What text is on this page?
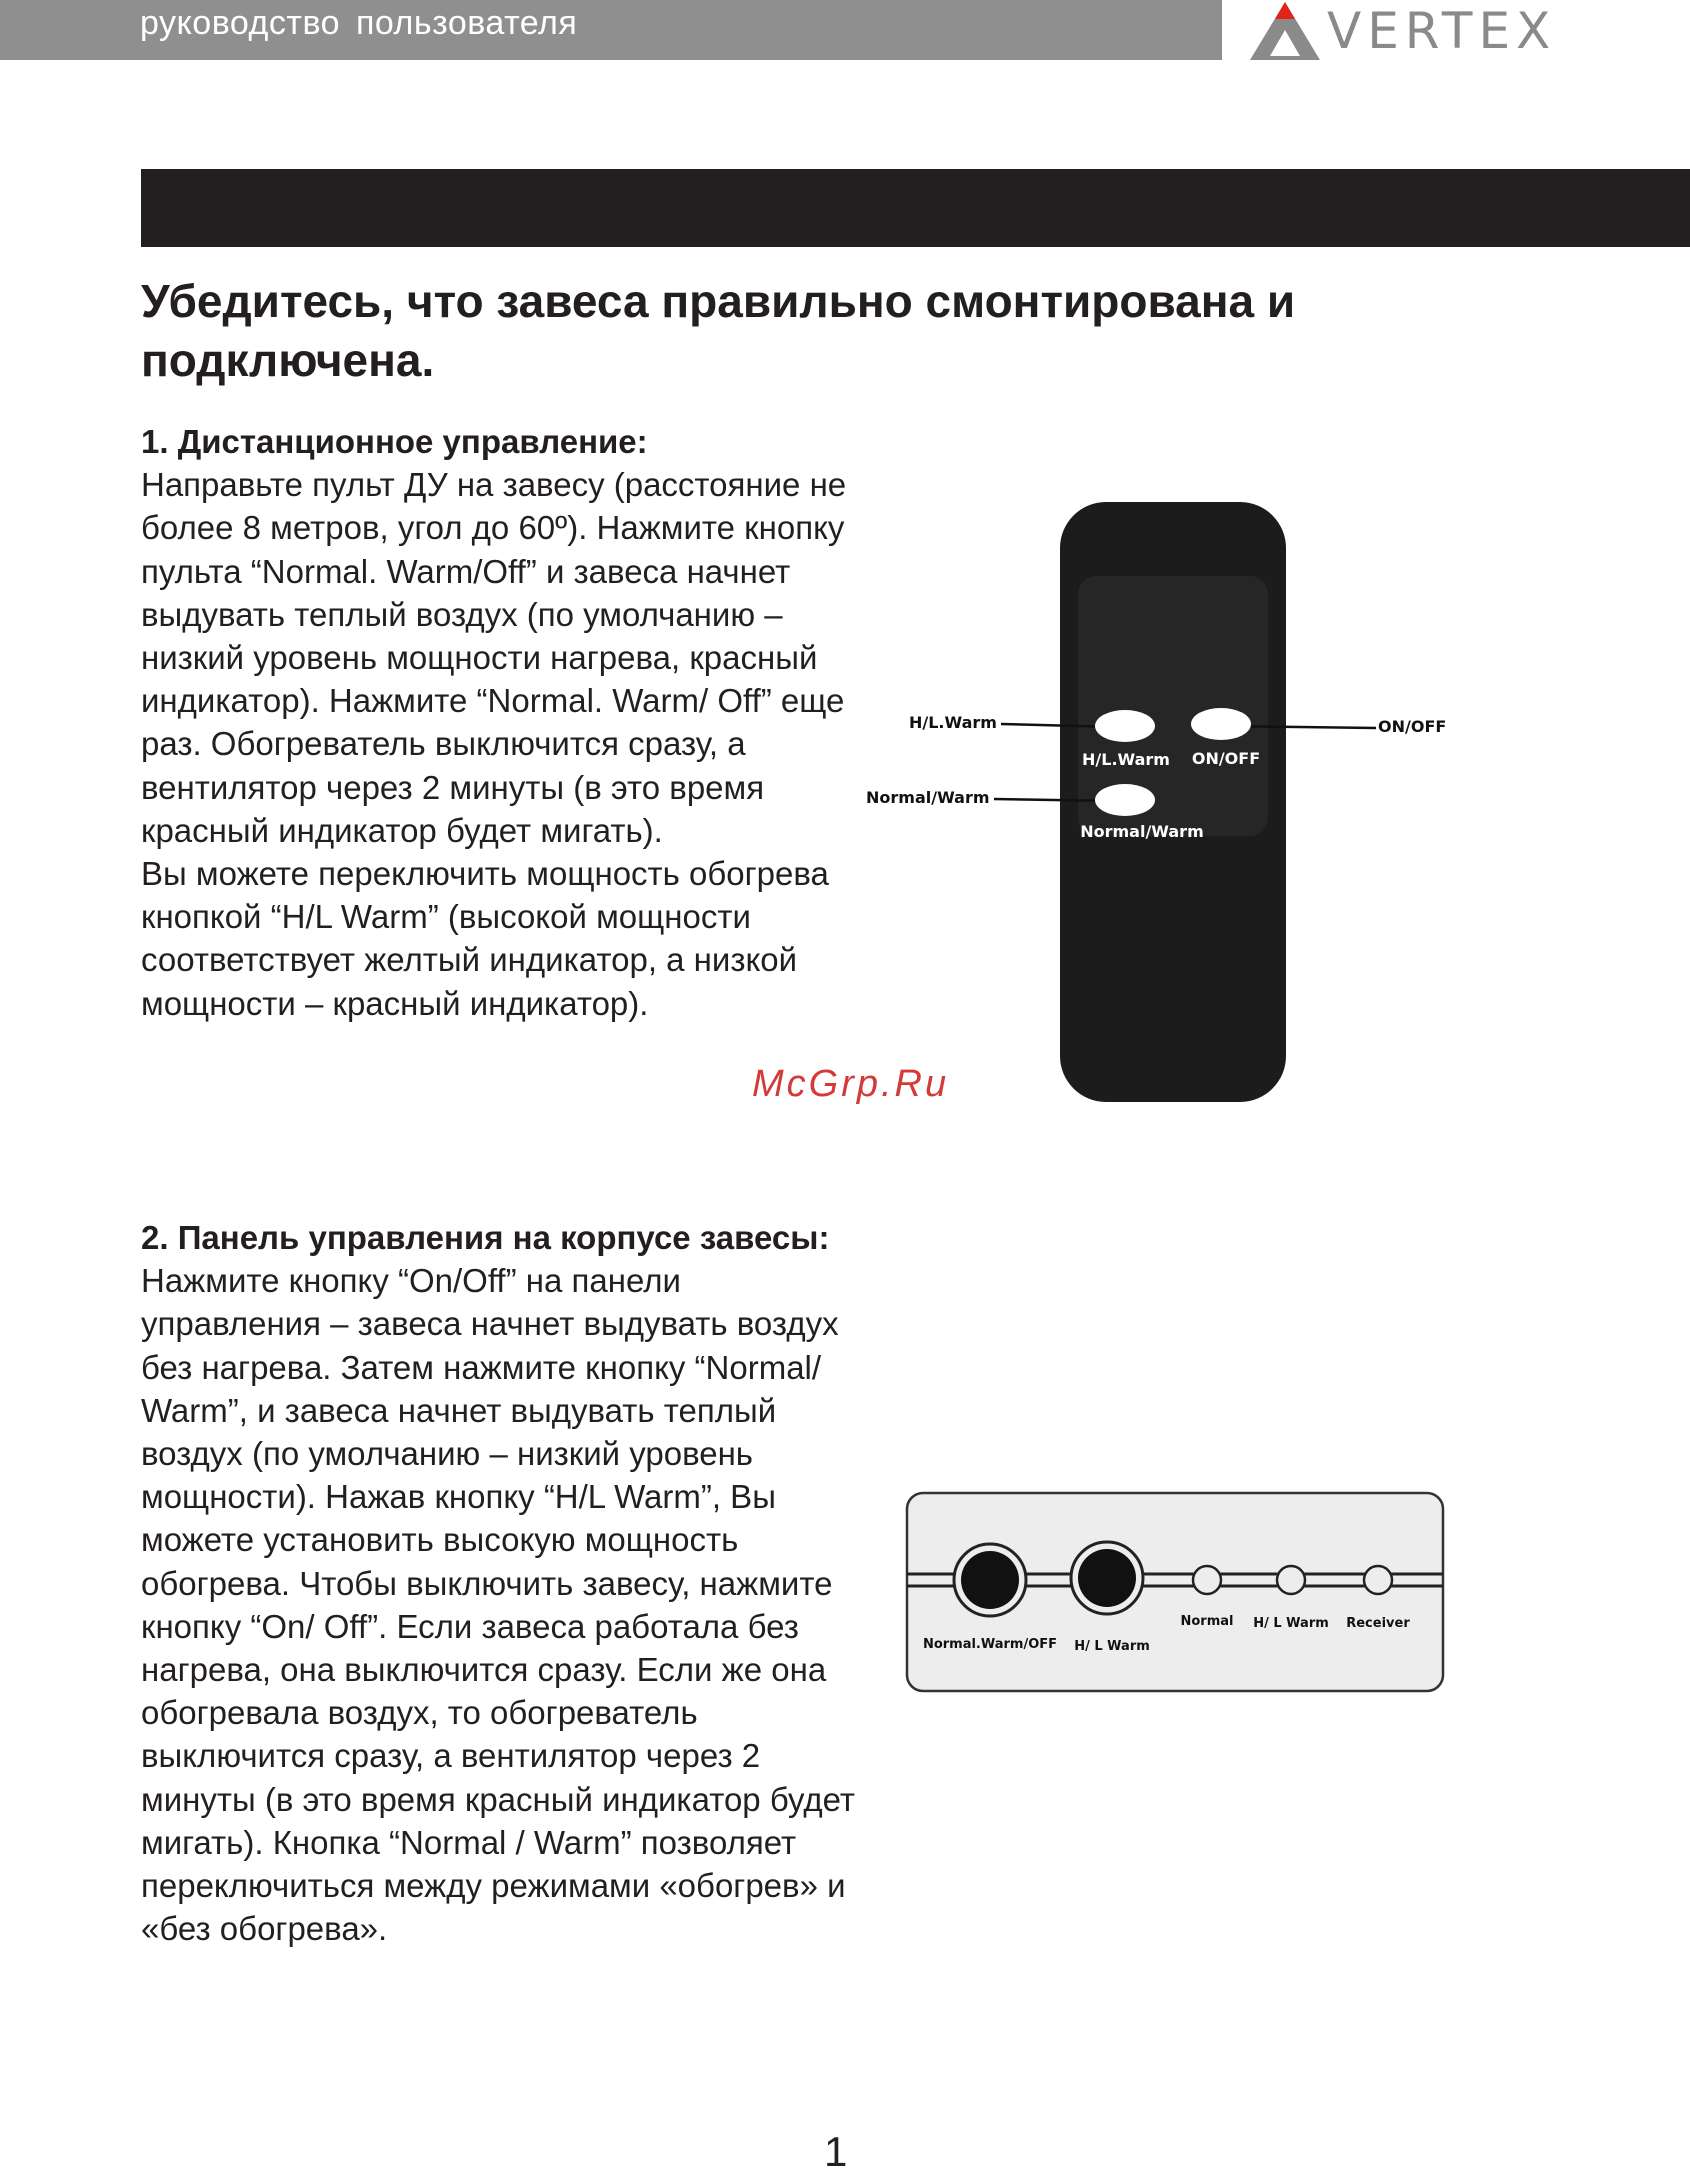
руководство пользователя	VERTEX
Убедитесь, что завеса правильно смонтирована и подключена.
1. Дистанционное управление:

Направьте пульт ДУ на завесу (расстояние не более 8 метров, угол до 60º). Нажмите кнопку пульта “Normal. Warm/Off” и завеса начнет выдувать теплый воздух (по умолчанию – низкий уровень мощности нагрева, красный индикатор). Нажмите “Normal. Warm/ Off” еще раз. Обогреватель выключится сразу, а вентилятор через 2 минуты (в это время красный индикатор будет мигать).

Вы можете переключить мощность обогрева кнопкой “H/L Warm” (высокой мощности соответствует желтый индикатор, а низкой мощности – красный индикатор).

2. Панель управления на корпусе завесы:

Нажмите кнопку “On/Off” на панели управления – завеса начнет выдувать воздух без нагрева. Затем нажмите кнопку “Normal/ Warm”, и завеса начнет выдувать теплый воздух (по умолчанию – низкий уровень мощности). Нажав кнопку “H/L Warm”, Вы можете установить высокую мощность обогрева. Чтобы выключить завесу, нажмите кнопку “On/ Off”. Если завеса работала без нагрева, она выключится сразу. Если же она обогревала воздух, то обогреватель выключится сразу, а вентилятор через 2 минуты (в это время красный индикатор будет мигать). Кнопка “Normal / Warm” позволяет переключиться между режимами «обогрев» и «без обогрева».

H/L.Warm
Normal/Warm
ON/OFF
H/L.Warm ON/OFF
Normal/Warm
Normal.Warm/OFF H/ L Warm
Normal H/ L Warm Receiver
McGrp.Ru
1
